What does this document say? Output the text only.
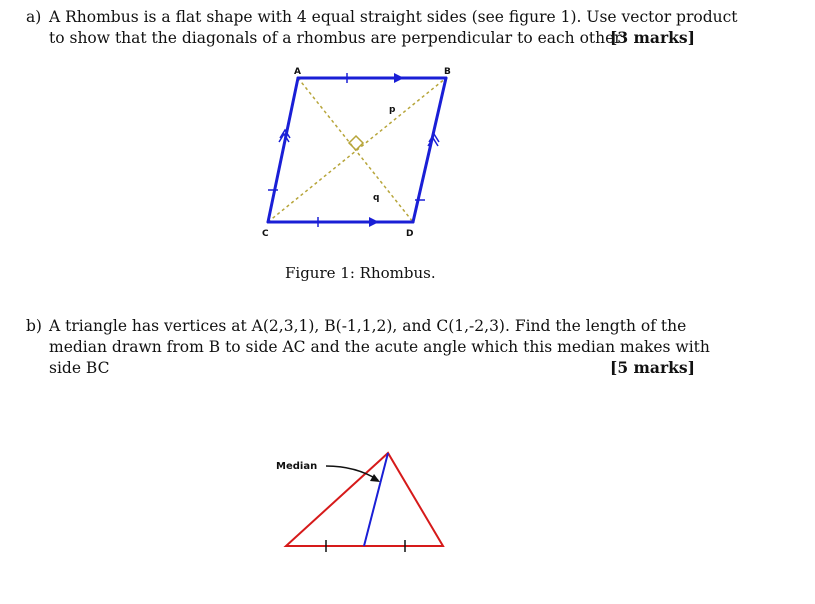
a) A Rhombus is a flat shape with 4 equal straight sides (see figure 1). Use vector product
to show that the diagonals of a rhombus are perpendicular to each other
[3 marks]
A	B
C	D
p
q
Median
Figure 1: Rhombus.
b) A triangle has vertices at A(2,3,1), B(-1,1,2), and C(1,-2,3). Find the length of the
median drawn from B to side AC and the acute angle which this median makes with
side BC	[5 marks]
